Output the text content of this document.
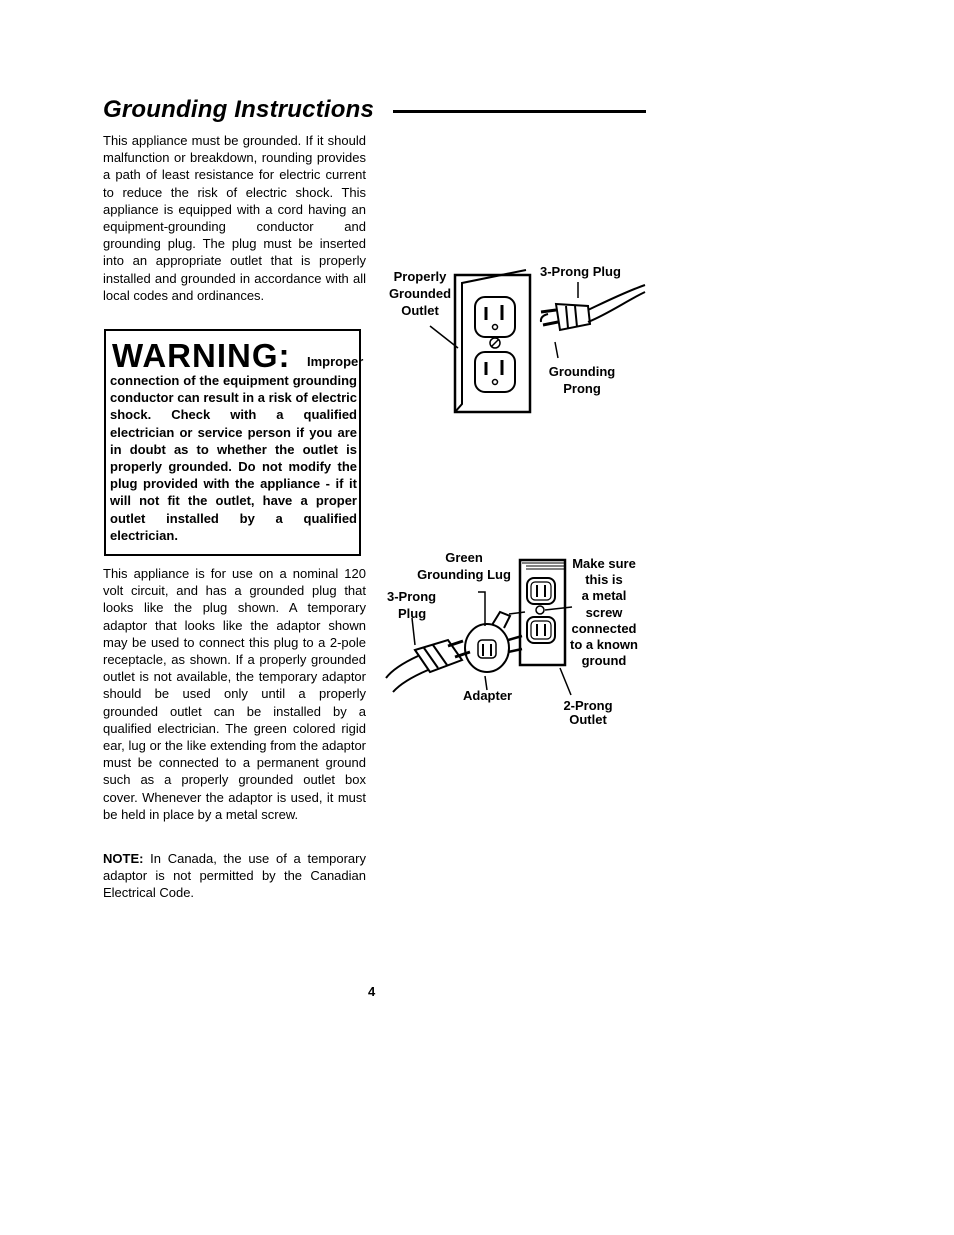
Grounding Instructions
This appliance must be grounded. If it should malfunction or breakdown, rounding provides a path of least resistance for electric current to reduce the risk of electric shock. This appliance is equipped with a cord having an equipment-grounding conductor and grounding plug. The plug must be inserted into an appropriate outlet that is properly installed and grounded in accordance with all local codes and ordinances.
WARNING: Improper
connection of the equipment grounding conductor can result in a risk of electric shock. Check with a qualified electrician or service person if you are in doubt as to whether the outlet is properly grounded. Do not modify the plug provided with the appliance - if it will not fit the outlet, have a proper outlet installed by a qualified electrician.
This appliance is for use on a nominal 120 volt circuit, and has a grounded plug that looks like the plug shown. A temporary adaptor that looks like the adaptor shown may be used to connect this plug to a 2-pole receptacle, as shown. If a properly grounded outlet is not available, the temporary adaptor should be used only until a properly grounded outlet can be installed by a qualified electrician. The green colored rigid ear, lug or the like extending from the adaptor must be connected to a permanent ground such as a properly grounded outlet box cover. Whenever the adaptor is used, it must be held in place by a metal screw.
NOTE: In Canada, the use of a temporary adaptor is not permitted by the Canadian Electrical Code.
Properly
Grounded
Outlet
3-Prong Plug
Grounding
Prong
Green
Grounding Lug
3-Prong
Plug
Adapter
Make sure
this is
a metal
screw
connected
to a known
ground
2-Prong
Outlet
4
